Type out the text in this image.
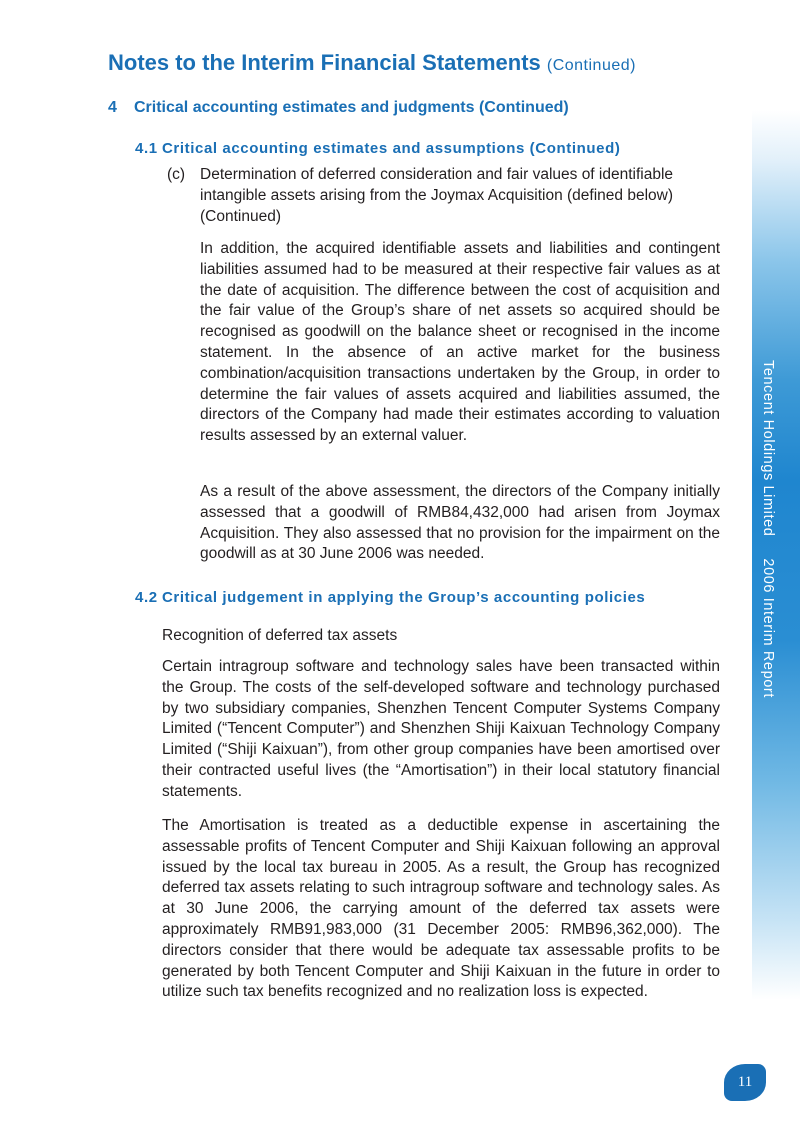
Tencent Holdings Limited2006 Interim Report
Notes to the Interim Financial Statements (Continued)
4 Critical accounting estimates and judgments (Continued)
4.1 Critical accounting estimates and assumptions (Continued)
(c) Determination of deferred consideration and fair values of identifiable intangible assets arising from the Joymax Acquisition (defined below) (Continued)

In addition, the acquired identifiable assets and liabilities and contingent liabilities assumed had to be measured at their respective fair values as at the date of acquisition. The difference between the cost of acquisition and the fair value of the Group’s share of net assets so acquired should be recognised as goodwill on the balance sheet or recognised in the income statement. In the absence of an active market for the business combination/acquisition transactions undertaken by the Group, in order to determine the fair values of assets acquired and liabilities assumed, the directors of the Company had made their estimates according to valuation results assessed by an external valuer.

As a result of the above assessment, the directors of the Company initially assessed that a goodwill of RMB84,432,000 had arisen from Joymax Acquisition. They also assessed that no provision for the impairment on the goodwill as at 30 June 2006 was needed.

4.2 Critical judgement in applying the Group’s accounting policies

Recognition of deferred tax assets

Certain intragroup software and technology sales have been transacted within the Group. The costs of the self-developed software and technology purchased by two subsidiary companies, Shenzhen Tencent Computer Systems Company Limited (“Tencent Computer”) and Shenzhen Shiji Kaixuan Technology Company Limited (“Shiji Kaixuan”), from other group companies have been amortised over their contracted useful lives (the “Amortisation”) in their local statutory financial statements.

The Amortisation is treated as a deductible expense in ascertaining the assessable profits of Tencent Computer and Shiji Kaixuan following an approval issued by the local tax bureau in 2005. As a result, the Group has recognized deferred tax assets relating to such intragroup software and technology sales. As at 30 June 2006, the carrying amount of the deferred tax assets were approximately RMB91,983,000 (31 December 2005: RMB96,362,000). The directors consider that there would be adequate tax assessable profits to be generated by both Tencent Computer and Shiji Kaixuan in the future in order to utilize such tax benefits recognized and no realization loss is expected.

11
